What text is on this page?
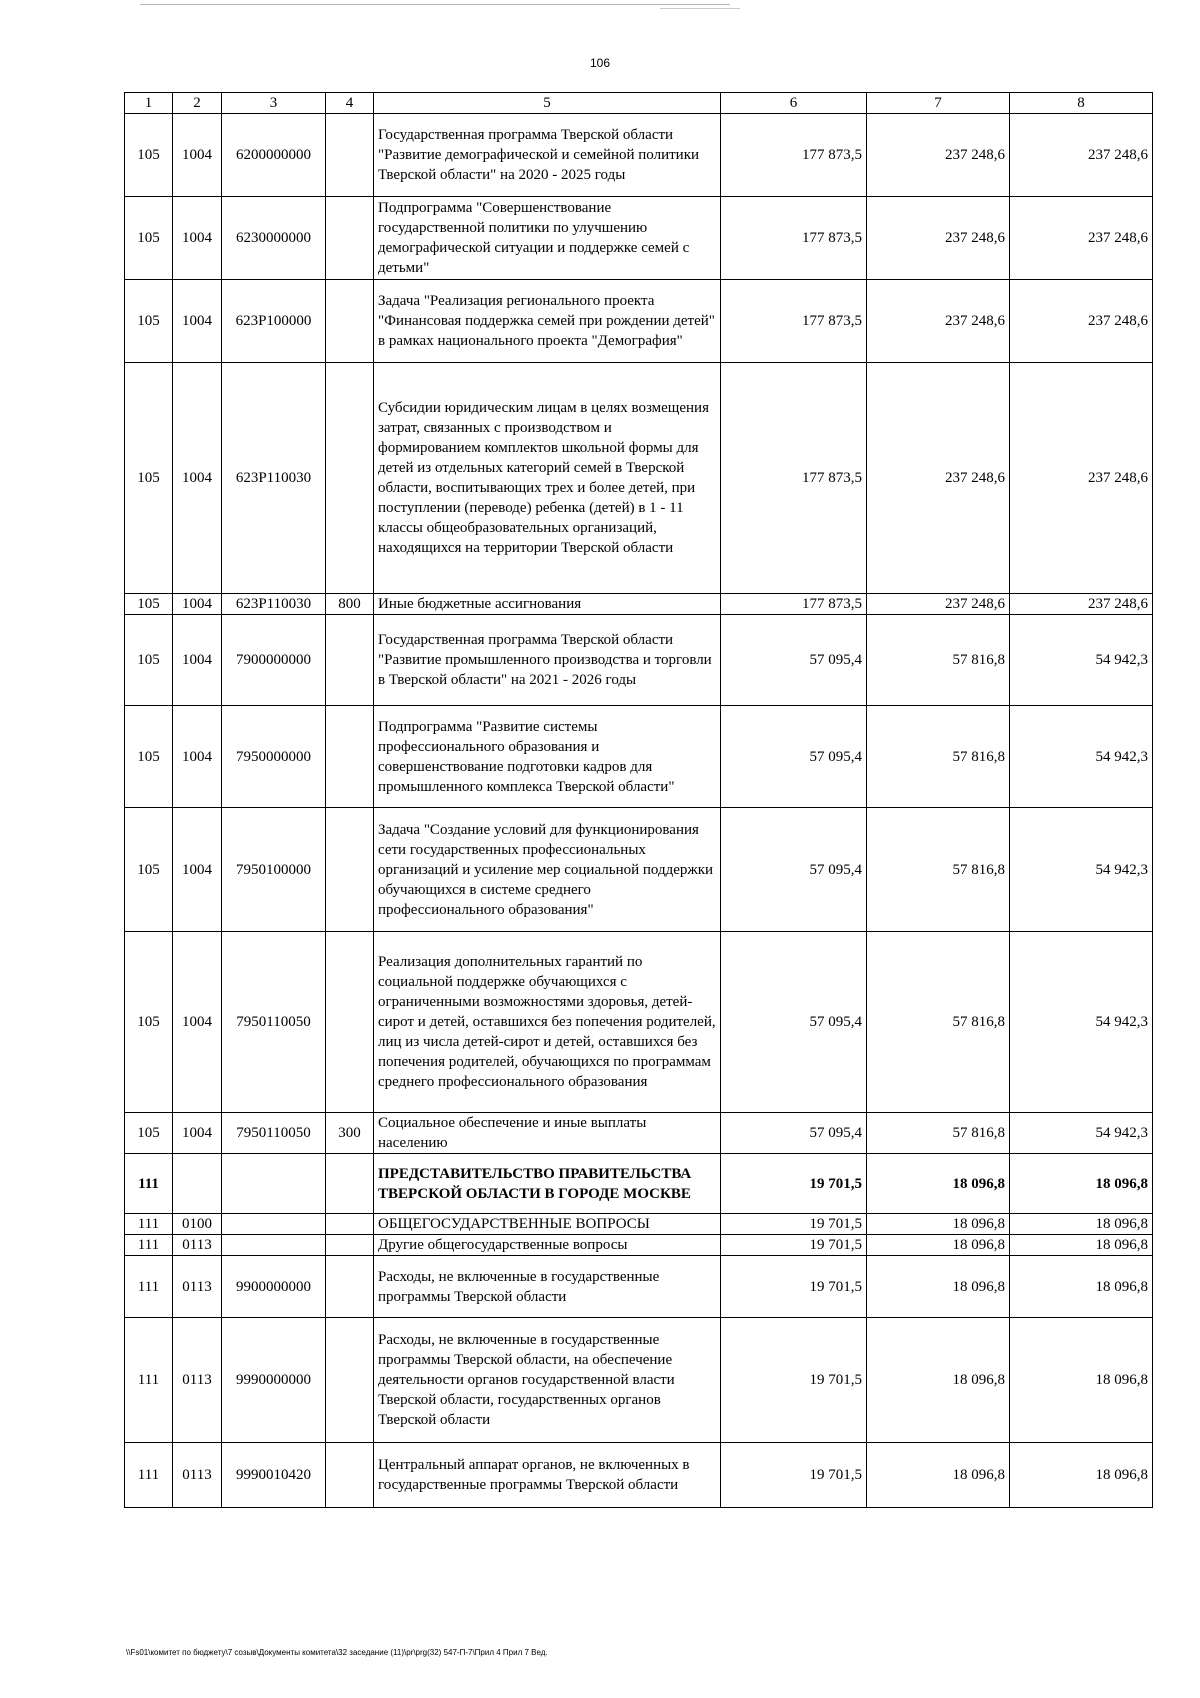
106
1	2	3	4	5	6	7	8
105	1004	6200000000		Государственная программа Тверской области "Развитие демографической и семейной политики Тверской области" на 2020 - 2025 годы	177 873,5	237 248,6	237 248,6
105	1004	6230000000		Подпрограмма "Совершенствование государственной политики по улучшению демографической ситуации и поддержке семей с детьми"	177 873,5	237 248,6	237 248,6
105	1004	623P100000		Задача "Реализация регионального проекта "Финансовая поддержка семей при рождении детей" в рамках национального проекта "Демография"	177 873,5	237 248,6	237 248,6
105	1004	623P110030		Субсидии юридическим лицам в целях возмещения затрат, связанных с производством и формированием комплектов школьной формы для детей из отдельных категорий семей в Тверской области, воспитывающих трех и более детей, при поступлении (переводе) ребенка (детей) в 1 - 11 классы общеобразовательных организаций, находящихся на территории Тверской области	177 873,5	237 248,6	237 248,6
105	1004	623P110030	800	Иные бюджетные ассигнования	177 873,5	237 248,6	237 248,6
105	1004	7900000000		Государственная программа Тверской области "Развитие промышленного производства и торговли в Тверской области" на 2021 - 2026 годы	57 095,4	57 816,8	54 942,3
105	1004	7950000000		Подпрограмма "Развитие системы профессионального образования и совершенствование подготовки кадров для промышленного комплекса Тверской области"	57 095,4	57 816,8	54 942,3
105	1004	7950100000		Задача "Создание условий для функционирования сети государственных профессиональных организаций и усиление мер социальной поддержки обучающихся в системе среднего профессионального образования"	57 095,4	57 816,8	54 942,3
105	1004	7950110050		Реализация дополнительных гарантий по социальной поддержке обучающихся с ограниченными возможностями здоровья, детей-сирот и детей, оставшихся без попечения родителей, лиц из числа детей-сирот и детей, оставшихся без попечения родителей, обучающихся по программам среднего профессионального образования	57 095,4	57 816,8	54 942,3
105	1004	7950110050	300	Социальное обеспечение и иные выплаты населению	57 095,4	57 816,8	54 942,3
111				ПРЕДСТАВИТЕЛЬСТВО ПРАВИТЕЛЬСТВА ТВЕРСКОЙ ОБЛАСТИ В ГОРОДЕ МОСКВЕ	19 701,5	18 096,8	18 096,8
111	0100			ОБЩЕГОСУДАРСТВЕННЫЕ ВОПРОСЫ	19 701,5	18 096,8	18 096,8
111	0113			Другие общегосударственные вопросы	19 701,5	18 096,8	18 096,8
111	0113	9900000000		Расходы, не включенные в государственные программы Тверской области	19 701,5	18 096,8	18 096,8
111	0113	9990000000		Расходы, не включенные в государственные программы Тверской области, на обеспечение деятельности органов государственной власти Тверской области, государственных органов Тверской области	19 701,5	18 096,8	18 096,8
111	0113	9990010420		Центральный аппарат органов, не включенных в государственные программы Тверской области	19 701,5	18 096,8	18 096,8
\\Fs01\комитет по бюджету\7 созыв\Документы комитета\32 заседание (11)\pr\prg(32) 547-П-7\Прил 4 Прил 7 Вед.
